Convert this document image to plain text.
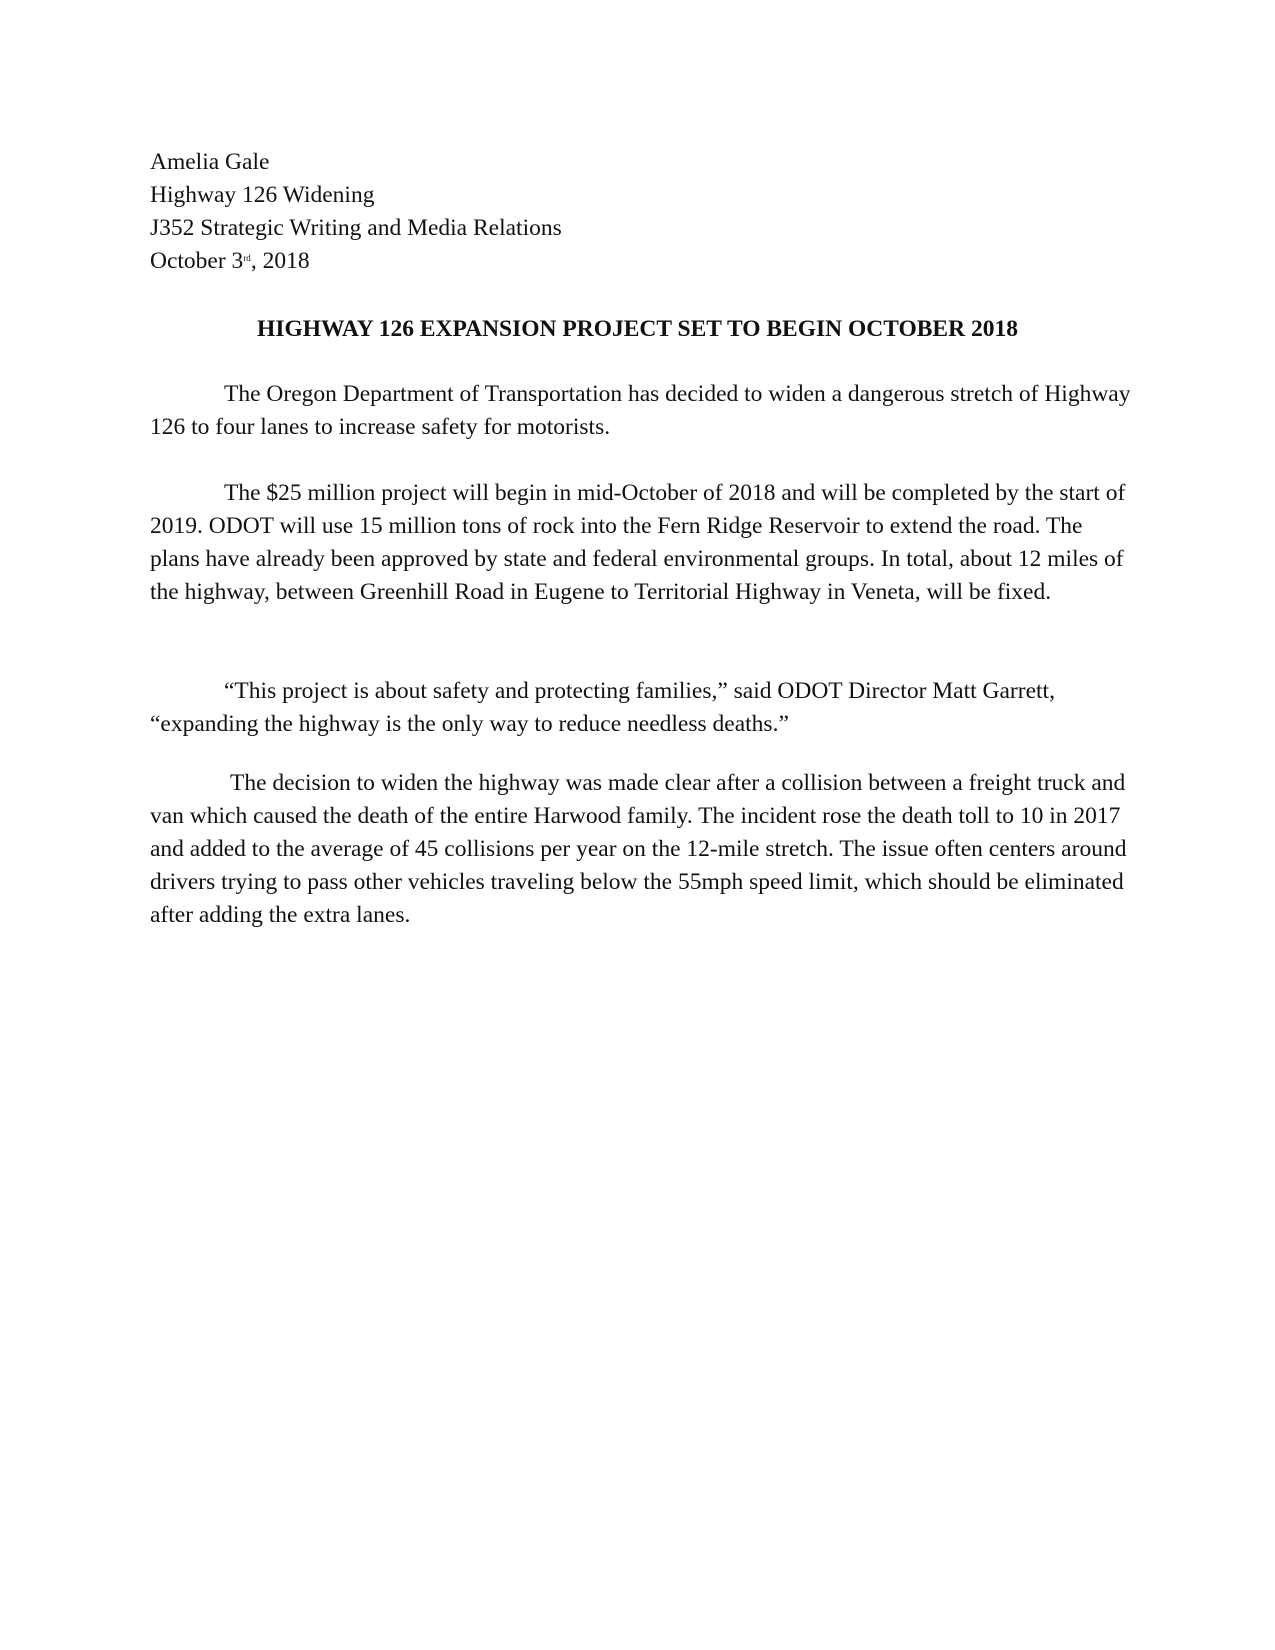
Amelia Gale
Highway 126 Widening
J352 Strategic Writing and Media Relations
October 3rd, 2018
HIGHWAY 126 EXPANSION PROJECT SET TO BEGIN OCTOBER 2018

The Oregon Department of Transportation has decided to widen a dangerous stretch of Highway 126 to four lanes to increase safety for motorists.

The $25 million project will begin in mid-October of 2018 and will be completed by the start of 2019. ODOT will use 15 million tons of rock into the Fern Ridge Reservoir to extend the road. The plans have already been approved by state and federal environmental groups. In total, about 12 miles of the highway, between Greenhill Road in Eugene to Territorial Highway in Veneta, will be fixed.

“This project is about safety and protecting families,” said ODOT Director Matt Garrett, “expanding the highway is the only way to reduce needless deaths.”

The decision to widen the highway was made clear after a collision between a freight truck and van which caused the death of the entire Harwood family. The incident rose the death toll to 10 in 2017 and added to the average of 45 collisions per year on the 12-mile stretch. The issue often centers around drivers trying to pass other vehicles traveling below the 55mph speed limit, which should be eliminated after adding the extra lanes.
